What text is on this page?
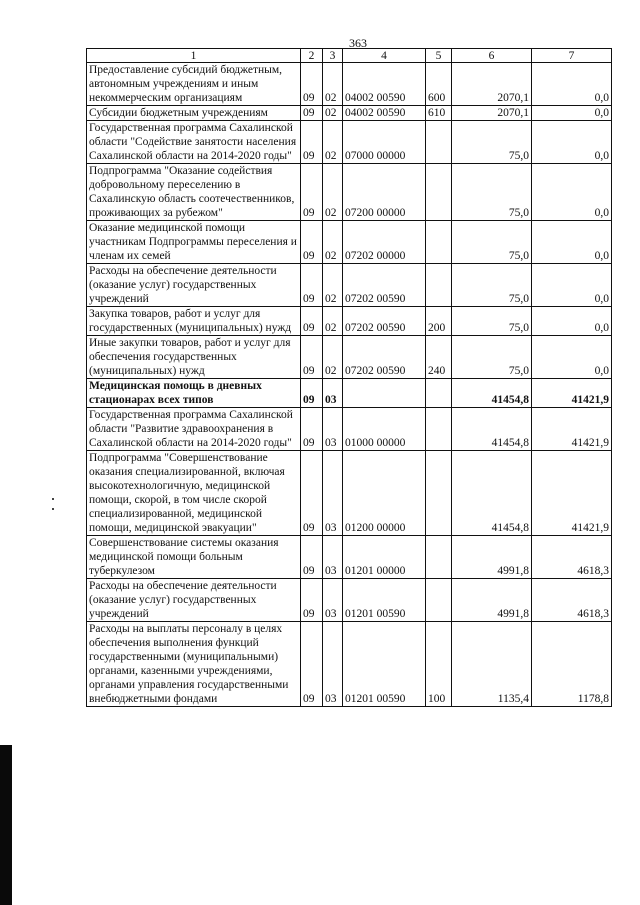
363
1	2	3	4	5	6	7
Предоставление субсидий бюджетным, автономным учреждениям и иным некоммерческим организациям	09	02	04002 00590	600	2070,1	0,0
Субсидии бюджетным учреждениям	09	02	04002 00590	610	2070,1	0,0
Государственная программа Сахалинской области "Содействие занятости населения Сахалинской области на 2014-2020 годы"	09	02	07000 00000		75,0	0,0
Подпрограмма "Оказание содействия добровольному переселению в Сахалинскую область соотечественников, проживающих за рубежом"	09	02	07200 00000		75,0	0,0
Оказание медицинской помощи участникам Подпрограммы переселения и членам их семей	09	02	07202 00000		75,0	0,0
Расходы на обеспечение деятельности (оказание услуг) государственных учреждений	09	02	07202 00590		75,0	0,0
Закупка товаров, работ и услуг для государственных (муниципальных) нужд	09	02	07202 00590	200	75,0	0,0
Иные закупки товаров, работ и услуг для обеспечения государственных (муниципальных) нужд	09	02	07202 00590	240	75,0	0,0
Медицинская помощь в дневных стационарах всех типов	09	03			41454,8	41421,9
Государственная программа Сахалинской области "Развитие здравоохранения в Сахалинской области на 2014-2020 годы"	09	03	01000 00000		41454,8	41421,9
Подпрограмма "Совершенствование оказания специализированной, включая высокотехнологичную, медицинской помощи, скорой, в том числе скорой специализированной, медицинской помощи, медицинской эвакуации"	09	03	01200 00000		41454,8	41421,9
Совершенствование системы оказания медицинской помощи больным туберкулезом	09	03	01201 00000		4991,8	4618,3
Расходы на обеспечение деятельности (оказание услуг) государственных учреждений	09	03	01201 00590		4991,8	4618,3
Расходы на выплаты персоналу в целях обеспечения выполнения функций государственными (муниципальными) органами, казенными учреждениями, органами управления государственными внебюджетными фондами	09	03	01201 00590	100	1135,4	1178,8
